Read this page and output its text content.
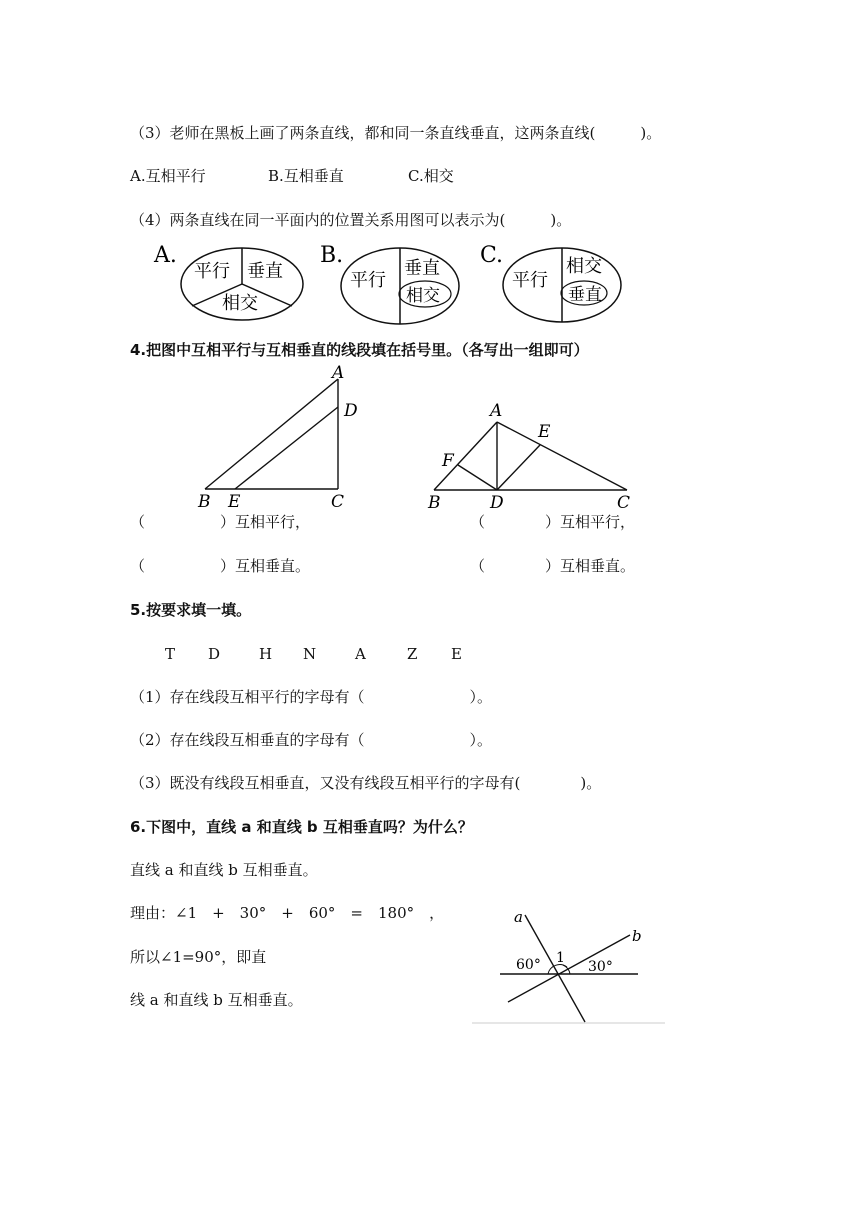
（3）老师在黑板上画了两条直线，都和同一条直线垂直，这两条直线(　　　)。
A.互相平行	B.互相垂直	C.相交
（4）两条直线在同一平面内的位置关系用图可以表示为(　　　)。
A.
平行 垂直
相交
B.
平行
垂直
相交
C.
平行
相交
垂直
4.把图中互相平行与互相垂直的线段填在括号里。（各写出一组即可）
A
D
B E	C
A
E
F
B	D	C
（　　　　　）互相平行，	（　　　　）互相平行，
（　　　　　）互相垂直。	（　　　　）互相垂直。
5.按要求填一填。
T D	H N	A	Z E
（1）存在线段互相平行的字母有（　　　　　　　）。
（2）存在线段互相垂直的字母有（　　　　　　　）。
（3）既没有线段互相垂直，又没有线段互相平行的字母有(　　　　)。
6.下图中，直线 a 和直线 b 互相垂直吗？为什么？
直线 a 和直线 b 互相垂直。
理由：∠1　+　30°　+　60°　=　180°　，
所以∠1=90°，即直
线 a 和直线 b 互相垂直。
a
b
1
60°	30°
